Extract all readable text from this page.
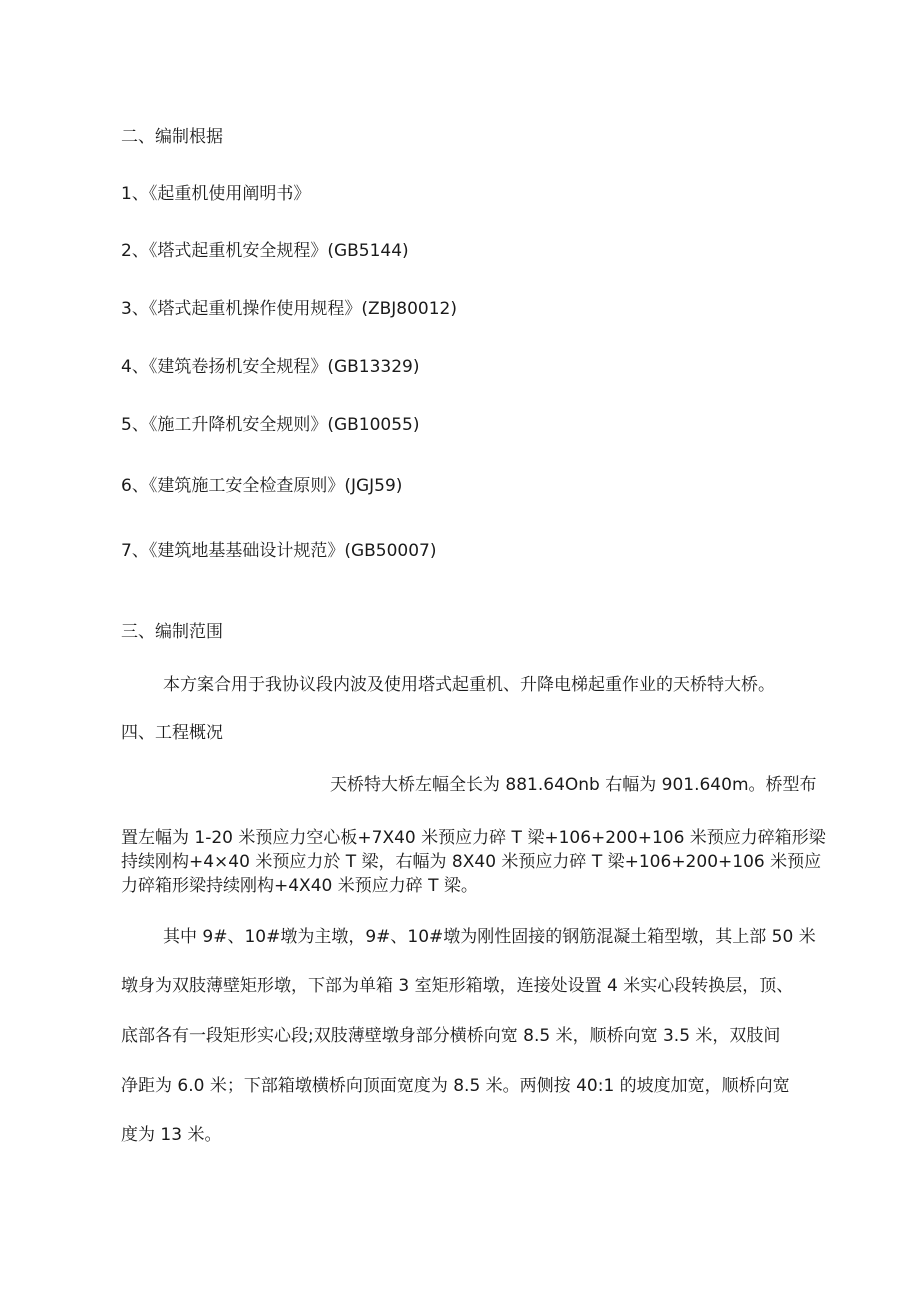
二、编制根据
1、《起重机使用阐明书》
2、《塔式起重机安全规程》(GB5144)
3、《塔式起重机操作使用规程》(ZBJ80012)
4、《建筑卷扬机安全规程》(GB13329)
5、《施工升降机安全规则》(GB10055)
6、《建筑施工安全检查原则》(JGJ59)
7、《建筑地基基础设计规范》(GB50007)
三、编制范围
本方案合用于我协议段内波及使用塔式起重机、升降电梯起重作业的天桥特大桥。
四、工程概况
天桥特大桥左幅全长为 881.64Onb 右幅为 901.640m。桥型布
置左幅为 1-20 米预应力空心板+7X40 米预应力碎 T 梁+106+200+106 米预应力碎箱形梁持续刚构+4×40 米预应力於 T 梁，右幅为 8X40 米预应力碎 T 梁+106+200+106 米预应力碎箱形梁持续刚构+4X40 米预应力碎 T 梁。
其中 9#、10#墩为主墩，9#、10#墩为刚性固接的钢筋混凝土箱型墩，其上部 50 米
墩身为双肢薄壁矩形墩，下部为单箱 3 室矩形箱墩，连接处设置 4 米实心段转换层，顶、
底部各有一段矩形实心段;双肢薄壁墩身部分横桥向宽 8.5 米，顺桥向宽 3.5 米，双肢间
净距为 6.0 米；下部箱墩横桥向顶面宽度为 8.5 米。两侧按 40:1 的坡度加宽，顺桥向宽
度为 13 米。
